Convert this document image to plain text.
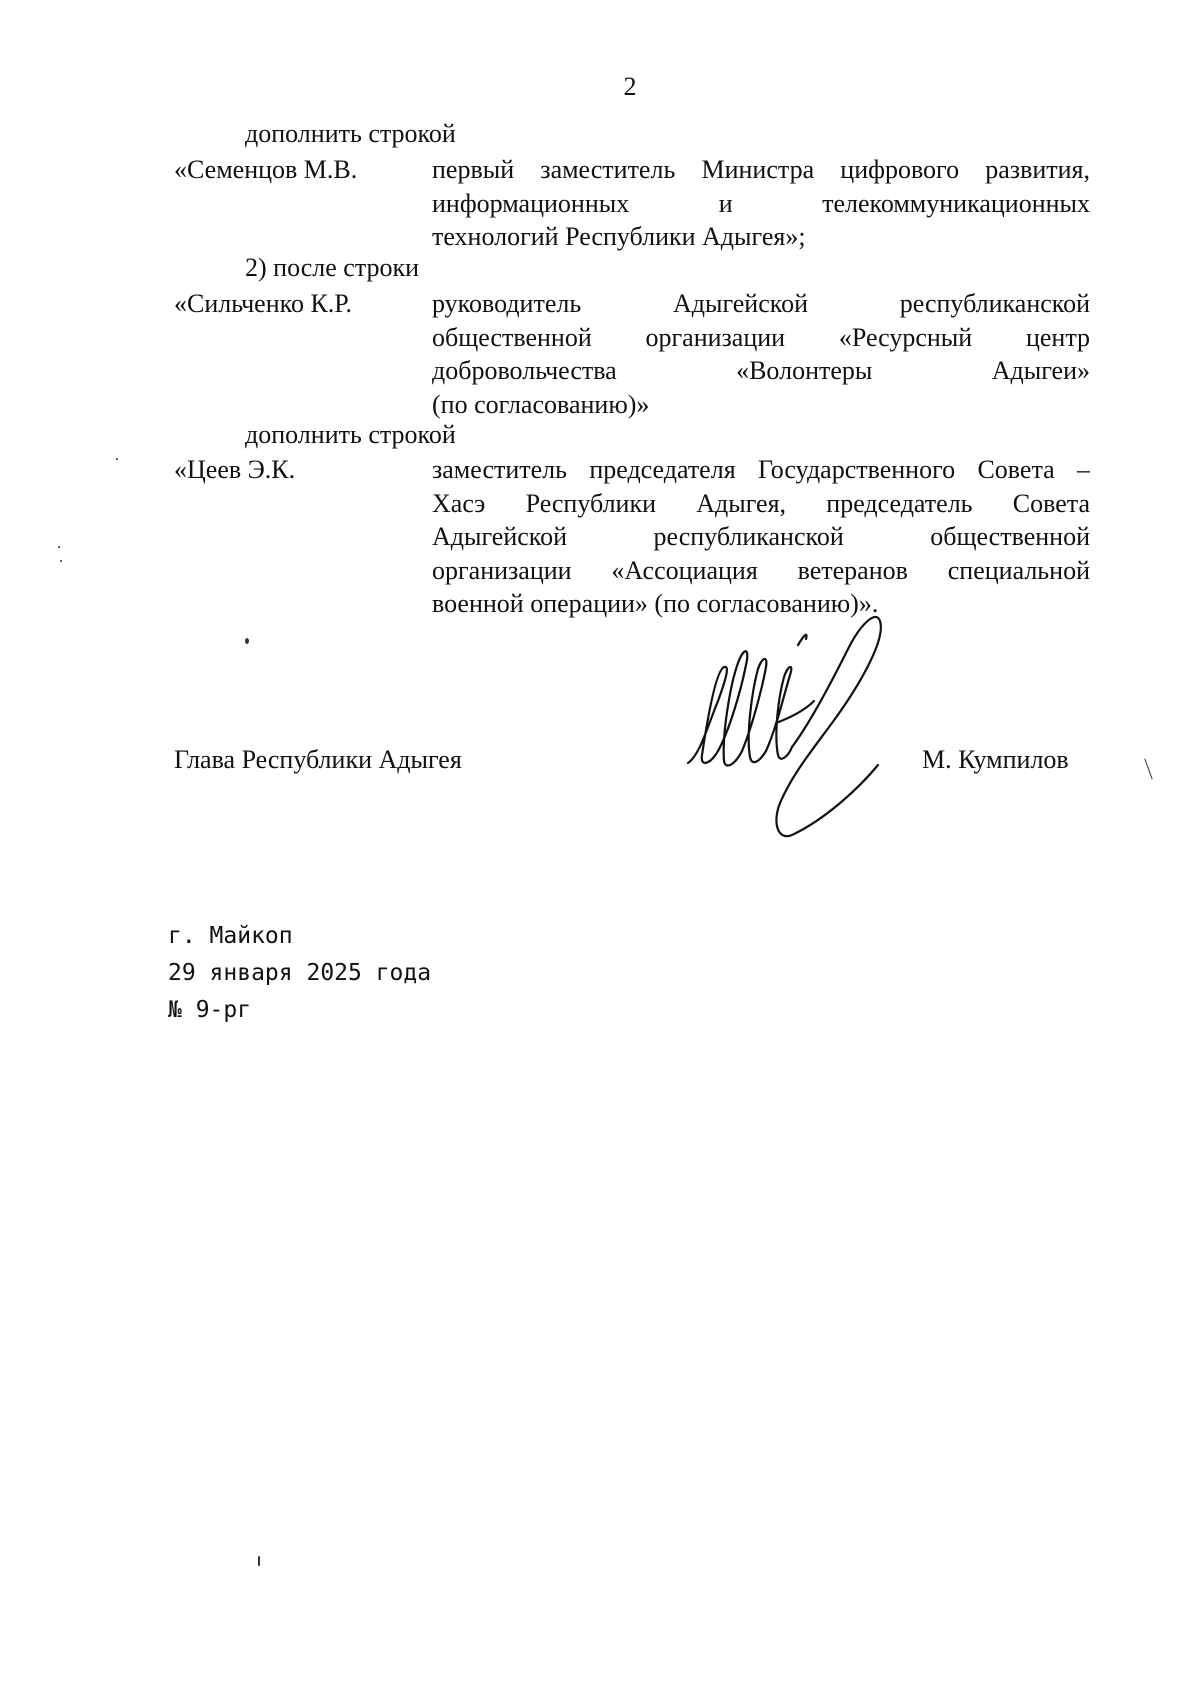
2
дополнить строкой
«Семенцов М.В.	первый заместитель Министра цифрового развития,
информационных и телекоммуникационных
технологий Республики Адыгея»;
2) после строки
«Сильченко К.Р.	руководитель Адыгейской республиканской
общественной организации «Ресурсный центр
добровольчества «Волонтеры Адыгеи»
(по согласованию)»
дополнить строкой
«Цеев Э.К.	заместитель председателя Государственного Совета –
Хасэ Республики Адыгея, председатель Совета
Адыгейской республиканской общественной
организации «Ассоциация ветеранов специальной
военной операции» (по согласованию)».
Глава Республики Адыгея	М. Кумпилов
г. Майкоп
29 января 2025 года
№ 9-рг
